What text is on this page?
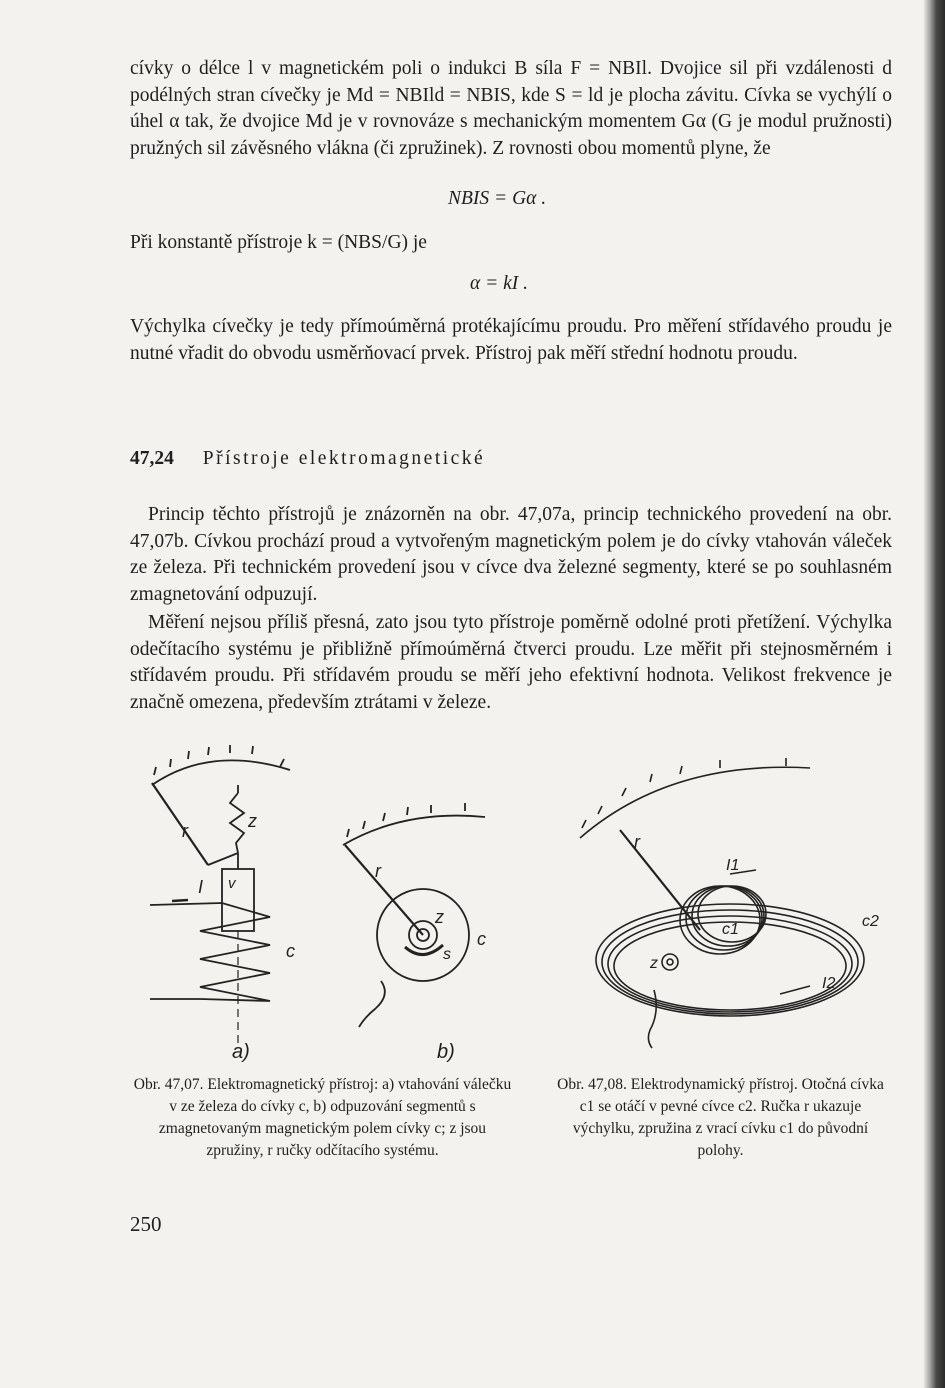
cívky o délce l v magnetickém poli o indukci B síla F = NBIl. Dvojice sil při vzdálenosti d podélných stran cívečky je Md = NBIld = NBIS, kde S = ld je plocha závitu. Cívka se vychýlí o úhel α tak, že dvojice Md je v rovnováze s mechanickým momentem Gα (G je modul pružnosti) pružných sil závěsného vlákna (či zpružinek). Z rovnosti obou momentů plyne, že

NBIS = Gα .
Při konstantě přístroje k = (NBS/G) je
α = kI .

Výchylka cívečky je tedy přímoúměrná protékajícímu proudu. Pro měření střídavého proudu je nutné vřadit do obvodu usměrňovací prvek. Přístroj pak měří střední hodnotu proudu.

47,24 Přístroje elektromagnetické

Princip těchto přístrojů je znázorněn na obr. 47,07a, princip technického provedení na obr. 47,07b. Cívkou prochází proud a vytvořeným magnetickým polem je do cívky vtahován váleček ze železa. Při technickém provedení jsou v cívce dva železné segmenty, které se po souhlasném zmagnetování odpuzují.

Měření nejsou příliš přesná, zato jsou tyto přístroje poměrně odolné proti přetížení. Výchylka odečítacího systému je přibližně přímoúměrná čtverci proudu. Lze měřit při stejnosměrném i střídavém proudu. Při střídavém proudu se měří jeho efektivní hodnota. Velikost frekvence je značně omezena, především ztrátami v železe.

r	z
v
I
c
a)
r
z
s
c
b)
r
I1
c1	c2
z
I2
Obr. 47,07. Elektromagnetický přístroj: a) vtahování válečku v ze železa do cívky c, b) odpuzování segmentů s zmagnetovaným magnetickým polem cívky c; z jsou zpružiny, r ručky odčítacího systému.
Obr. 47,08. Elektrodynamický přístroj. Otočná cívka c1 se otáčí v pevné cívce c2. Ručka r ukazuje výchylku, zpružina z vrací cívku c1 do původní polohy.
250
